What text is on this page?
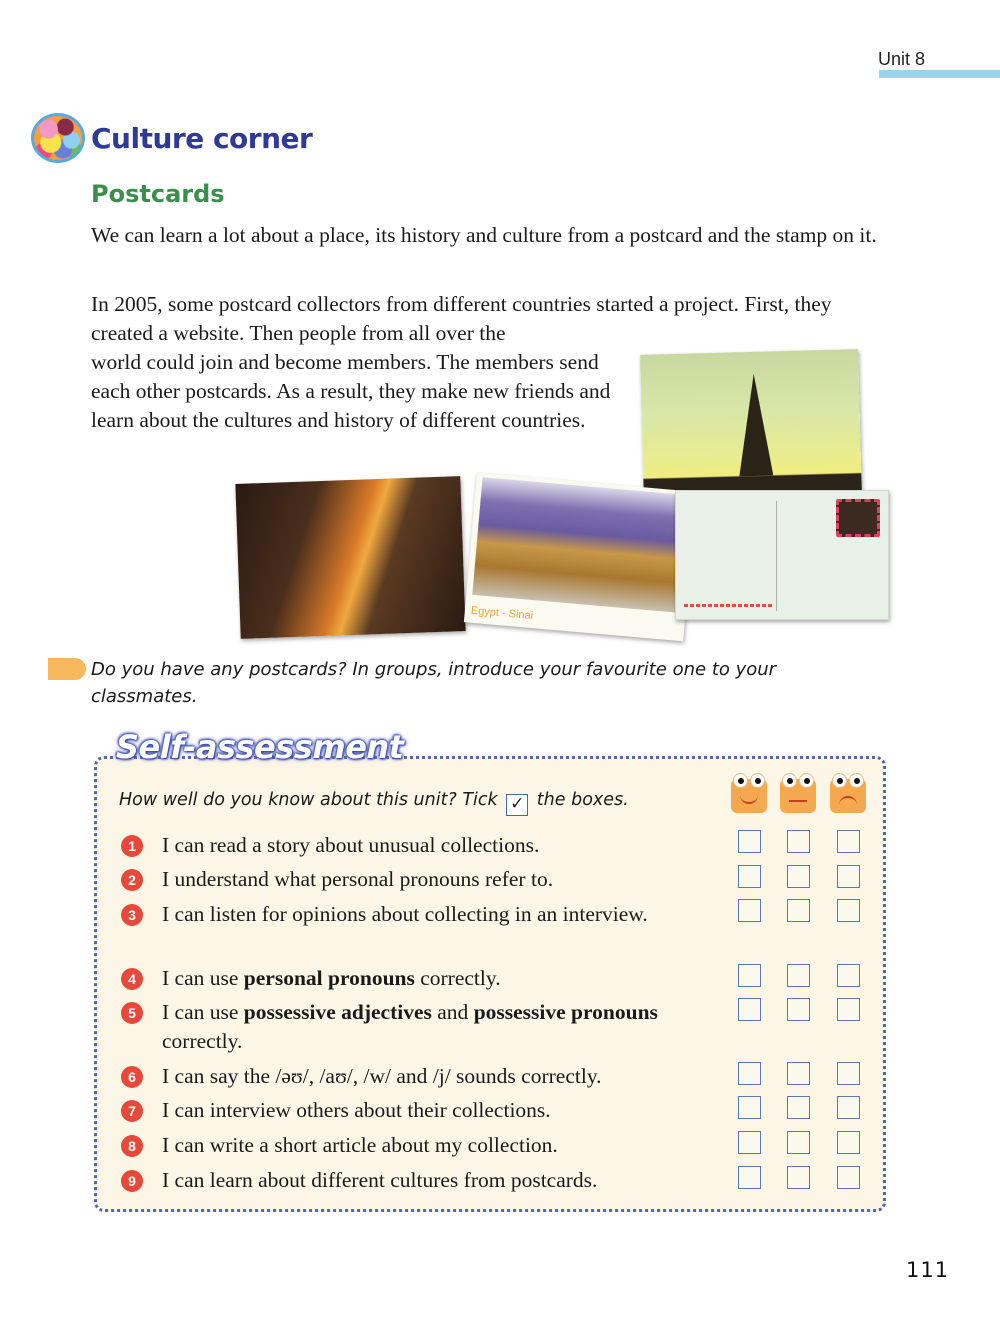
Unit 8
Culture corner
Postcards
We can learn a lot about a place, its history and culture from a postcard and the stamp on it.
In 2005, some postcard collectors from different countries started a project. First, they created a website. Then people from all over the
world could join and become members. The members send each other postcards. As a result, they make new friends and learn about the cultures and history of different countries.
Egypt - Sinai
Do you have any postcards? In groups, introduce your favourite one to your classmates.
Self-assessment
How well do you know about this unit? Tick ✓ the boxes.
1	I can read a story about unusual collections.
2	I understand what personal pronouns refer to.
3	I can listen for opinions about collecting in an interview.
4	I can use personal pronouns correctly.
5	I can use possessive adjectives and possessive pronouns correctly.
6	I can say the /əʊ/, /aʊ/, /w/ and /j/ sounds correctly.
7	I can interview others about their collections.
8	I can write a short article about my collection.
9	I can learn about different cultures from postcards.
111
